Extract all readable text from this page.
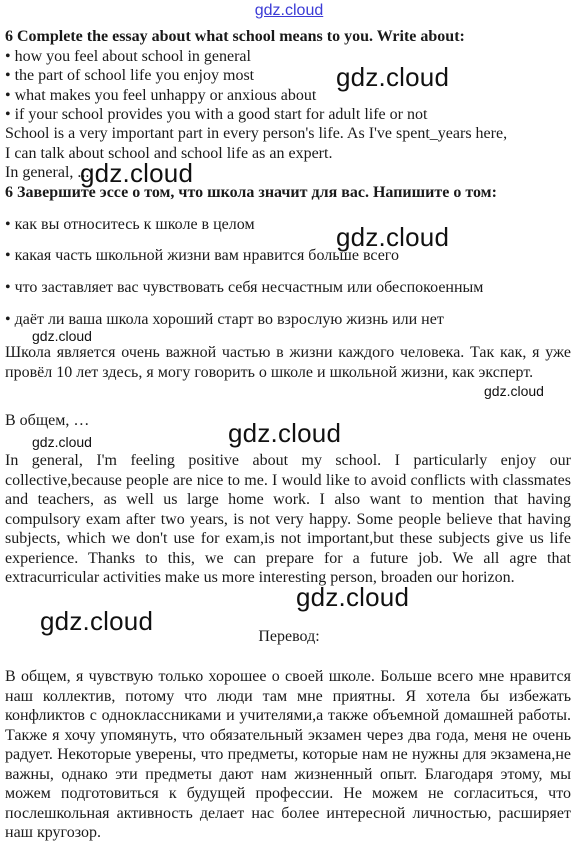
gdz.cloud
6 Complete the essay about what school means to you. Write about:
• how you feel about school in general
• the part of school life you enjoy most
• what makes you feel unhappy or anxious about
• if your school provides you with a good start for adult life or not
School is a very important part in every person's life. As I've spent_years here,
I can talk about school and school life as an expert.
In general, ...
6 Завершите эссе о том, что школа значит для вас. Напишите о том:
• как вы относитесь к школе в целом
• какая часть школьной жизни вам нравится больше всего
• что заставляет вас чувствовать себя несчастным или обеспокоенным
• даёт ли ваша школа хороший старт во взрослую жизнь или нет

Школа является очень важной частью в жизни каждого человека. Так как, я уже провёл 10 лет здесь, я могу говорить о школе и школьной жизни, как эксперт.

В общем, …

In general, I'm feeling positive about my school. I particularly enjoy our collective,because people are nice to me. I would like to avoid conflicts with classmates and teachers, as well us large home work. I also want to mention that having compulsory exam after two years, is not very happy. Some people believe that having subjects, which we don't use for exam,is not important,but these subjects give us life experience. Thanks to this, we can prepare for a future job. We all agre that extracurricular activities make us more interesting person, broaden our horizon.

Перевод:

В общем, я чувствую только хорошее о своей школе. Больше всего мне нравится наш коллектив, потому что люди там мне приятны. Я хотела бы избежать конфликтов с одноклассниками и учителями,а также объемной домашней работы. Также я хочу упомянуть, что обязательный экзамен через два года, меня не очень радует. Некоторые уверены, что предметы, которые нам не нужны для экзамена,не важны, однако эти предметы дают нам жизненный опыт. Благодаря этому, мы можем подготовиться к будущей профессии. Не можем не согласиться, что послешкольная активность делает нас более интересной личностью, расширяет наш кругозор.

gdz.cloud
gdz.cloud
gdz.cloud
gdz.cloud
gdz.cloud
gdz.cloud
gdz.cloud
gdz.cloud
gdz.cloud
